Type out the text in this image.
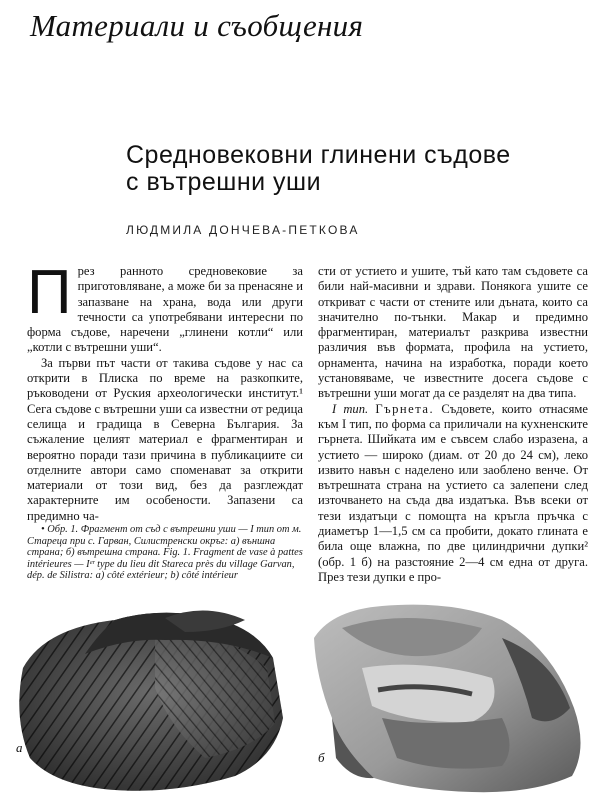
Материали и съобщения
Средновековни глинени съдове
с вътрешни уши

ЛЮДМИЛА ДОНЧЕВА-ПЕТКОВА

През ранното средновековие за приготовляване, а може би за пренасяне и запазване на храна, вода или други течности са употребявани интересни по форма съдове, наречени „глинени котли“ или „котли с вътрешни уши“.

За първи път части от такива съдове у нас са открити в Плиска по време на разкопките, ръководени от Руския археологически институт.¹ Сега съдове с вътрешни уши са известни от редица селища и градища в Северна България. За съжаление целият материал е фрагментиран и вероятно поради тази причина в публикациите си отделните автори само споменават за открити материали от този вид, без да разглеждат характерните им особености. Запазени са предимно ча-

• Обр. 1. Фрагмент от съд с вътрешни уши — I тип от м. Стареца при с. Гарван, Силистренски окръг: а) външна страна; б) вътрешна страна. Fig. 1. Fragment de vase à pattes intérieures — Iᵉʳ type du lieu dit Stareca près du village Garvan, dép. de Silistra: a) côté extérieur; b) côté intérieur

сти от устието и ушите, тъй като там съдовете са били най-масивни и здрави. Понякога ушите се откриват с части от стените или дъната, които са значително по-тънки. Макар и предимно фрагментиран, материалът разкрива известни различия във формата, профила на устието, орнамента, начина на изработка, поради което установяваме, че известните досега съдове с вътрешни уши могат да се разделят на два типа.

I тип. Гърнета. Съдовете, които отнасяме към I тип, по форма са приличали на кухненските гърнета. Шийката им е съвсем слабо изразена, а устието — широко (диам. от 20 до 24 см), леко извито навън с наделено или заоблено венче. От вътрешната страна на устието са залепени след източването на съда два издатъка. Във всеки от тези издатъци с помощта на кръгла пръчка с диаметър 1—1,5 см са пробити, докато глината е била още влажна, по две цилиндрични дупки² (обр. 1 б) на разстояние 2—4 см една от друга. През тези дупки е про-

а
б
